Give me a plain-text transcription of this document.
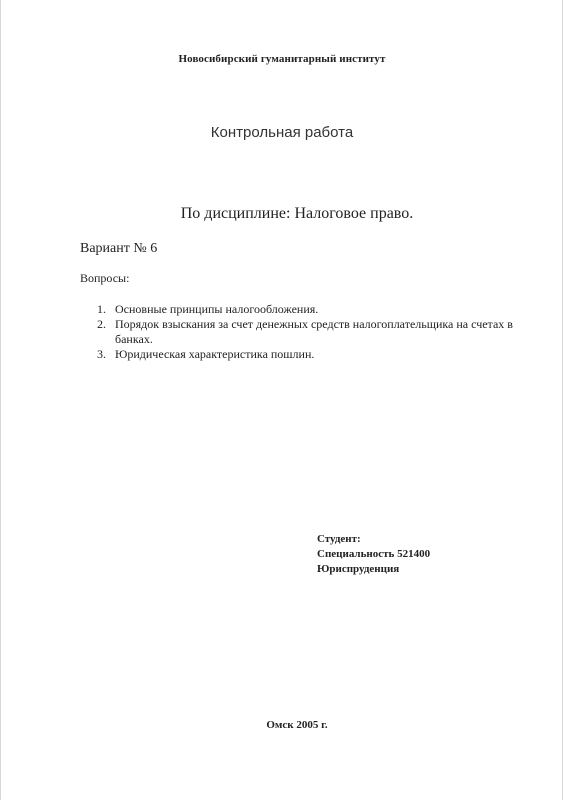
Новосибирский гуманитарный институт
Контрольная работа
По дисциплине: Налоговое право.
Вариант № 6
Вопросы:
1. Основные принципы налогообложения.
2. Порядок взыскания за счет денежных средств налогоплательщика на счетах в банках.
3. Юридическая характеристика пошлин.
Студент:
Специальность 521400
Юриспруденция
Омск 2005 г.
